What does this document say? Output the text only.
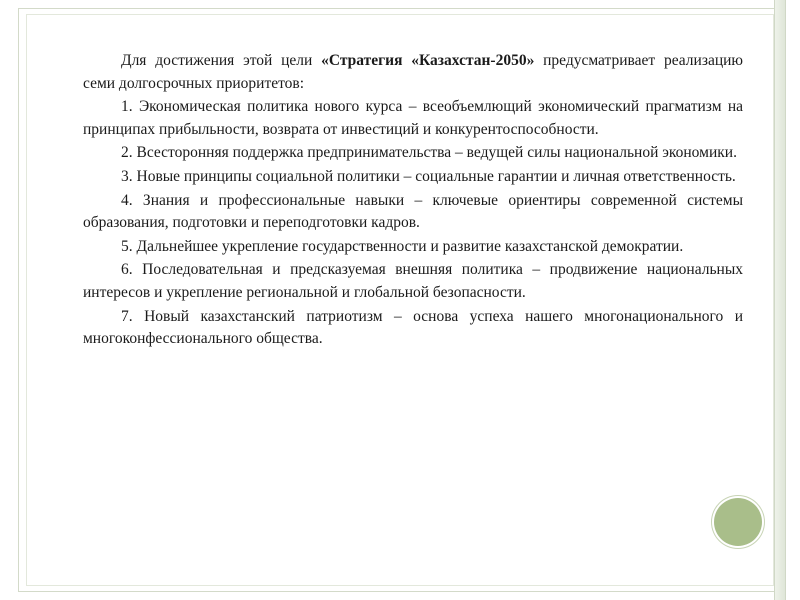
Для достижения этой цели «Стратегия «Казахстан-2050» предусматривает реализацию семи долгосрочных приоритетов:

1. Экономическая политика нового курса – всеобъемлющий экономический прагматизм на принципах прибыльности, возврата от инвестиций и конкурентоспособности.

2. Всесторонняя поддержка предпринимательства – ведущей силы национальной экономики.

3. Новые принципы социальной политики – социальные гарантии и личная ответственность.

4. Знания и профессиональные навыки – ключевые ориентиры современной системы образования, подготовки и переподготовки кадров.

5. Дальнейшее укрепление государственности и развитие казахстанской демократии.

6. Последовательная и предсказуемая внешняя политика – продвижение национальных интересов и укрепление региональной и глобальной безопасности.

7. Новый казахстанский патриотизм – основа успеха нашего многонационального и многоконфессионального общества.
